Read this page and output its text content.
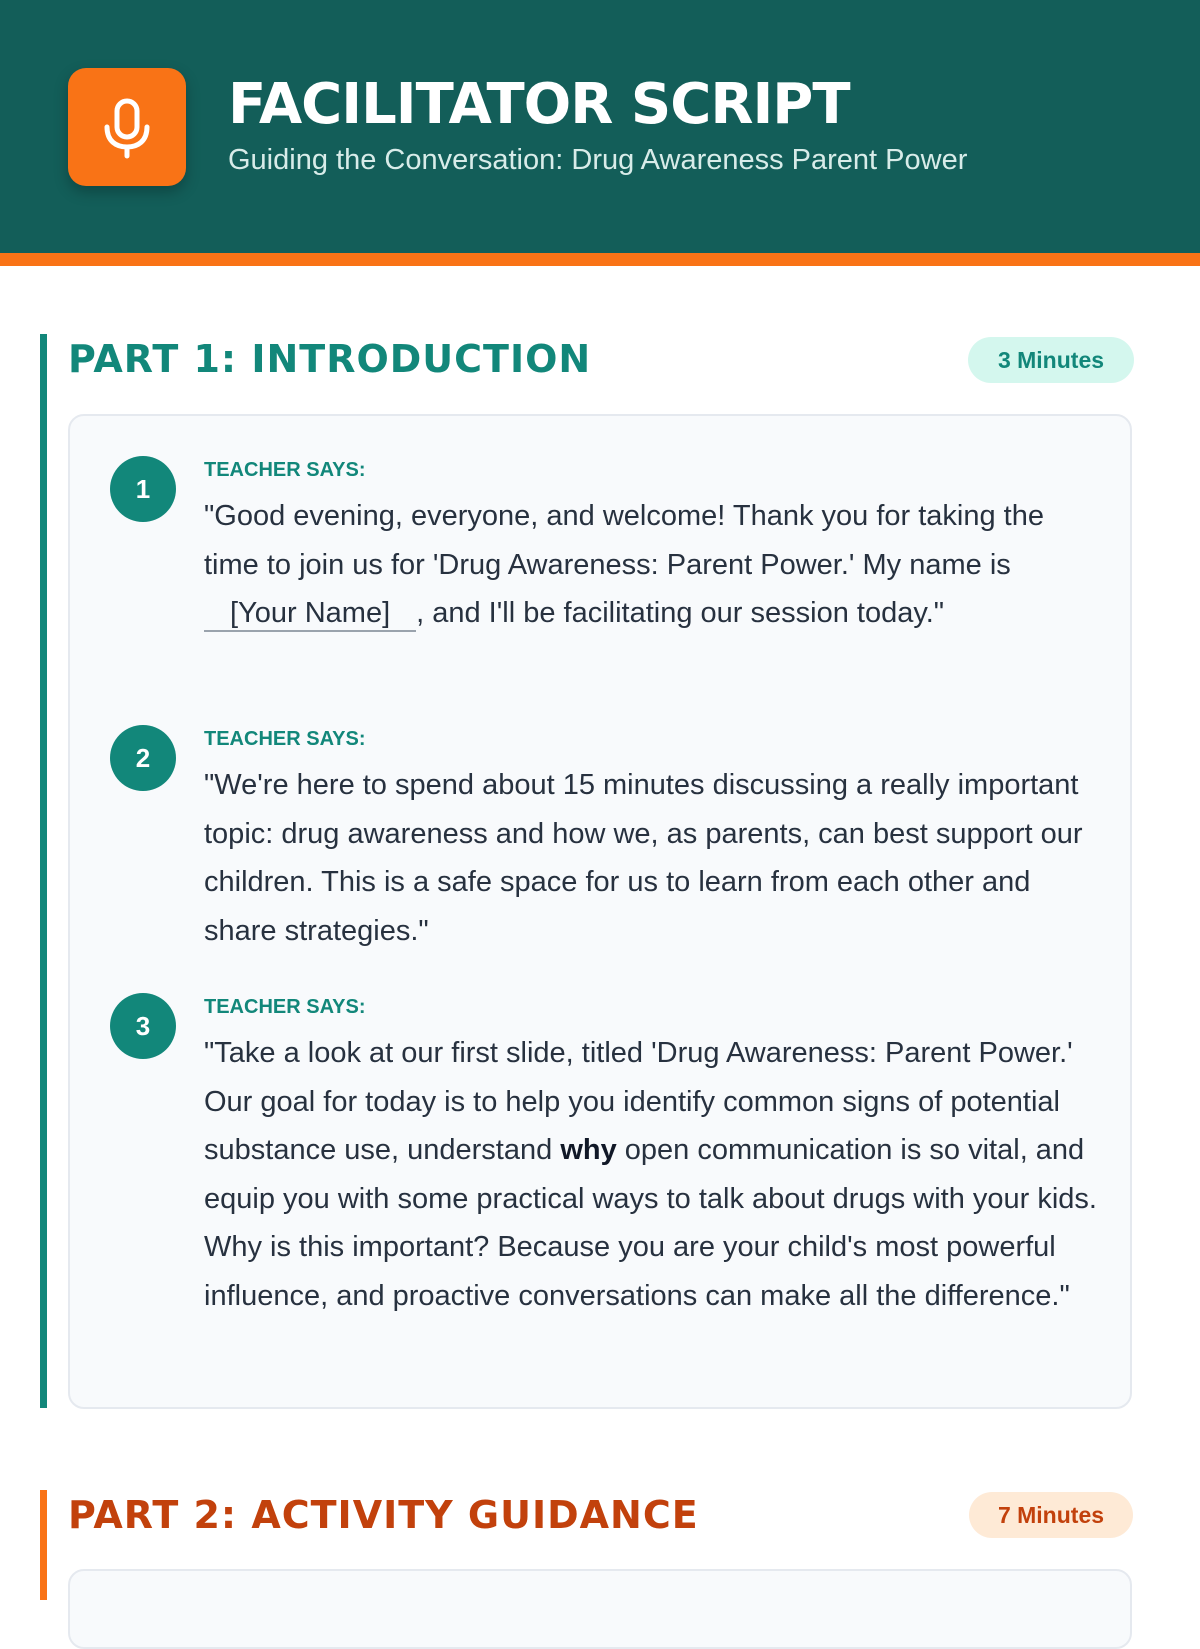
FACILITATOR SCRIPT
Guiding the Conversation: Drug Awareness Parent Power
PART 1: INTRODUCTION	3 Minutes
1
TEACHER SAYS:
"Good evening, everyone, and welcome! Thank you for taking the time to join us for 'Drug Awareness: Parent Power.' My name is [Your Name] , and I'll be facilitating our session today."
2
TEACHER SAYS:
"We're here to spend about 15 minutes discussing a really important topic: drug awareness and how we, as parents, can best support our children. This is a safe space for us to learn from each other and share strategies."
3
TEACHER SAYS:
"Take a look at our first slide, titled 'Drug Awareness: Parent Power.' Our goal for today is to help you identify common signs of potential substance use, understand why open communication is so vital, and equip you with some practical ways to talk about drugs with your kids. Why is this important? Because you are your child's most powerful influence, and proactive conversations can make all the difference."
PART 2: ACTIVITY GUIDANCE	7 Minutes
